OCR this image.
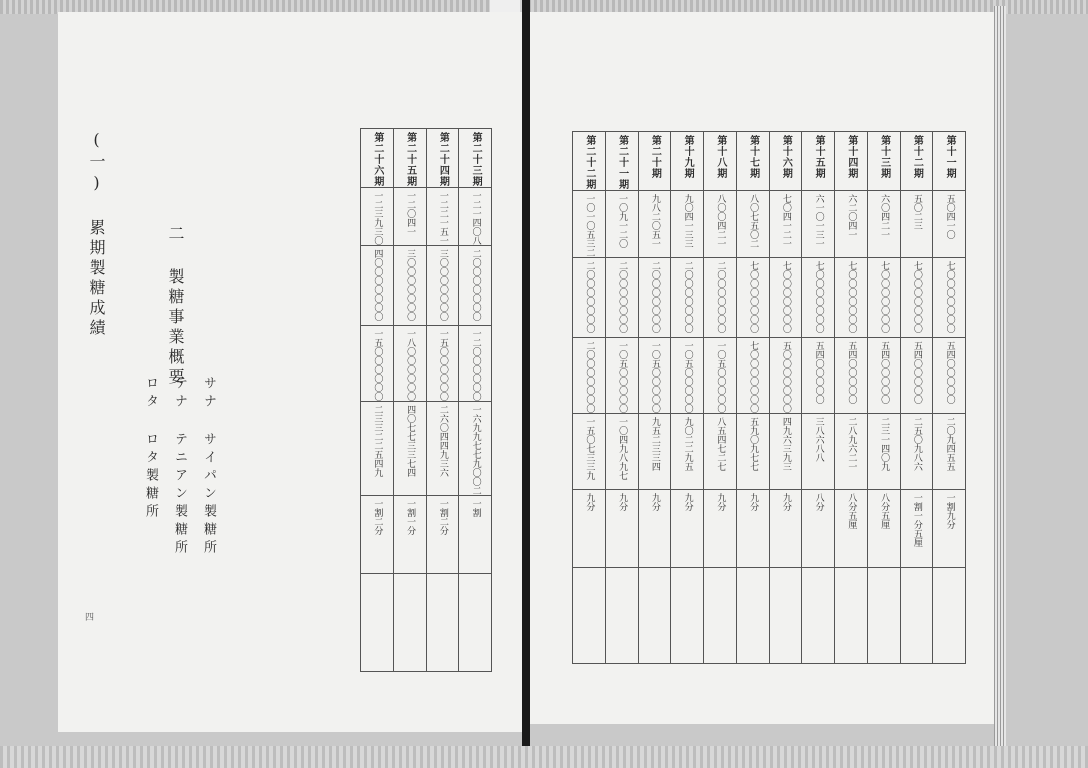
(一) 累期製糖成績	二 製糖事業概要
サナ サイパン製糖所
テナ テニアン製糖所
ロタ ロタ製糖所
四
第二十六期	第二十五期	第二十四期	第二十三期

一二三九三〇	一二〇四一	一二二一五一	一二一四〇八

四〇〇〇〇〇〇〇	三〇〇〇〇〇〇〇	三〇〇〇〇〇〇〇	二〇〇〇〇〇〇〇

一五〇〇〇〇〇〇	一八〇〇〇〇〇〇	一五〇〇〇〇〇〇	一二〇〇〇〇〇〇

二三三二二五四九	四〇七七三三七四	二六〇四四九三六	一六九九七七九〇〇二

一割二分	一割一分	一割二分	一割

第二十二期	第二十一期	第二十期	第十九期	第十八期	第十七期	第十六期	第十五期	第十四期	第十三期	第十二期	第十一期

一〇一〇五三二	一〇九一二〇	九八二〇五一	九〇四一三三	八〇〇四二一	八〇七五〇二	七〇四一二一	六一〇一三一	六二〇四一	六〇四二一	五〇二三	五〇四一〇

二〇〇〇〇〇〇〇	二〇〇〇〇〇〇〇	二〇〇〇〇〇〇〇	二〇〇〇〇〇〇〇	二〇〇〇〇〇〇〇	七〇〇〇〇〇〇〇	七〇〇〇〇〇〇〇	七〇〇〇〇〇〇〇	七〇〇〇〇〇〇〇	七〇〇〇〇〇〇〇	七〇〇〇〇〇〇〇	七〇〇〇〇〇〇〇

二〇〇〇〇〇〇〇	一〇五〇〇〇〇〇	一〇五〇〇〇〇〇	一〇五〇〇〇〇〇	一〇五〇〇〇〇〇	七〇〇〇〇〇〇〇	五〇〇〇〇〇〇〇	五四〇〇〇〇〇	五四〇〇〇〇〇	五四〇〇〇〇〇	五四〇〇〇〇〇	五四〇〇〇〇〇

一五〇七三三九	一〇四九八九七	九五二三三四	九〇二二九五	八五四七二七	五九〇九七七	四九六三九三	三八六八八	二八九六二一	二三一四〇九	二五〇九八六	二〇九四五五

九分	九分	九分	九分	九分	九分	九分	八分	八分五厘	八分五厘	一割一分五厘	一割九分
